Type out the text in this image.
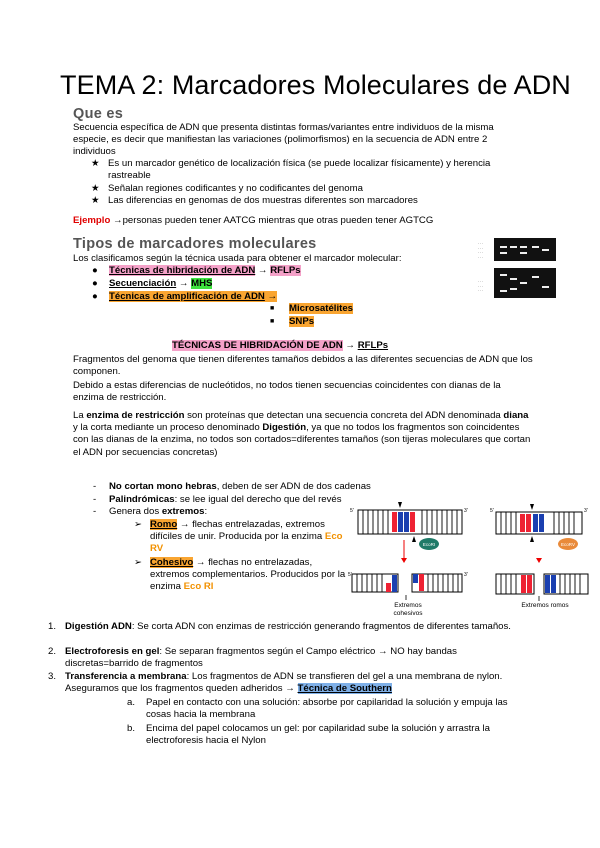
TEMA 2: Marcadores Moleculares de ADN
Que es
Secuencia específica de ADN que presenta distintas formas/variantes entre individuos de la misma especie, es decir que manifiestan las variaciones (polimorfismos) en la secuencia de ADN entre 2 individuos
★ Es un marcador genético de localización física (se puede localizar físicamente) y herencia rastreable
★ Señalan regiones codificantes y no codificantes del genoma
★ Las diferencias en genomas de dos muestras diferentes son marcadores
Ejemplo →personas pueden tener AATCG mientras que otras pueden tener AGTCG
Tipos de marcadores moleculares
Los clasificamos según la técnica usada para obtener el marcador molecular:
● Técnicas de hibridación de ADN → RFLPs
● Secuenciación → MHS
● Técnicas de amplificación de ADN →
■ Microsatélites
■ SNPs
· · ·
· · ·
· · ·
· · ·
· · ·
· · ·
· · ·
TÉCNICAS DE HIBRIDACIÓN DE ADN → RFLPs
Fragmentos del genoma que tienen diferentes tamaños debidos a las diferentes secuencias de ADN que los componen.
Debido a estas diferencias de nucleótidos, no todos tienen secuencias coincidentes con dianas de la enzima de restricción.
La enzima de restricción son proteínas que detectan una secuencia concreta del ADN denominada diana y la corta mediante un proceso denominado Digestión, ya que no todos los fragmentos son coincidentes con las dianas de la enzima, no todos son cortados=diferentes tamaños (son tijeras moleculares que cortan el ADN por secuencias concretas)
- No cortan mono hebras, deben de ser ADN de dos cadenas
- Palindrómicas: se lee igual del derecho que del revés
- Genera dos extremos:
➢ Romo → flechas entrelazadas, extremos difíciles de unir. Producida por la enzima Eco RV
➢ Cohesivo → flechas no entrelazadas, extremos complementarios. Producidos por la enzima Eco RI
5'	3'
EcoRI
5'	3'
5'	3'
EcoRV
Extremos cohesivos
Extremos romos
1. Digestión ADN: Se corta ADN con enzimas de restricción generando fragmentos de diferentes tamaños.
2. Electroforesis en gel: Se separan fragmentos según el Campo eléctrico → NO hay bandas discretas=barrido de fragmentos
3. Transferencia a membrana: Los fragmentos de ADN se transfieren del gel a una membrana de nylon. Aseguramos que los fragmentos queden adheridos → Técnica de Southern
a. Papel en contacto con una solución: absorbe por capilaridad la solución y empuja las cosas hacia la membrana
b. Encima del papel colocamos un gel: por capilaridad sube la solución y arrastra la electroforesis hacia el Nylon
